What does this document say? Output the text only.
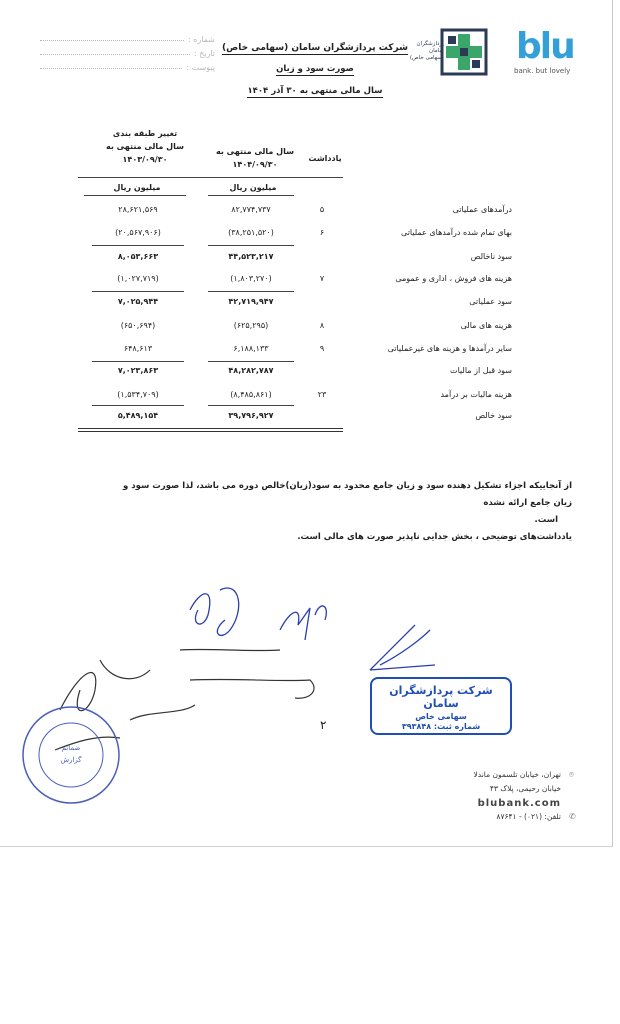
شماره :
تاریخ :
پیوست :
شرکت پردازشگران سامان (سهامی خاص)
صورت سود و زیان
سال مالی منتهی به ۳۰ آذر ۱۴۰۴
پردازشگران سامان
(سهامی خاص) blu
bank. but lovely
تغییر طبقه بندی
سال مالی منتهی به
۱۴۰۳/۰۹/۳۰
سال مالی منتهی به
۱۴۰۴/۰۹/۳۰
یادداشت
میلیون ریال
میلیون ریال
درآمدهای عملیاتی
۵
۸۲,۷۷۴,۷۳۷
۲۸,۶۲۱,۵۶۹
بهای تمام شده درآمدهای عملیاتی
۶
(۳۸,۲۵۱,۵۲۰)
(۲۰,۵۶۷,۹۰۶)
سود ناخالص
۴۴,۵۲۳,۲۱۷
۸,۰۵۳,۶۶۳
هزینه های فروش ، اداری و عمومی
۷
(۱,۸۰۳,۲۷۰)
(۱,۰۲۷,۷۱۹)
سود عملیاتی
۴۲,۷۱۹,۹۴۷
۷,۰۲۵,۹۴۴
هزینه های مالی
۸
(۶۲۵,۲۹۵)
(۶۵۰,۶۹۴)
سایر درآمدها و هزینه های غیرعملیاتی
۹
۶,۱۸۸,۱۳۳
۶۴۸,۶۱۳
سود قبل از مالیات
۴۸,۲۸۲,۷۸۷
۷,۰۲۳,۸۶۳
هزینه مالیات بر درآمد
۲۳
(۸,۴۸۵,۸۶۱)
(۱,۵۳۴,۷۰۹)
سود خالص
۳۹,۷۹۶,۹۲۷
۵,۴۸۹,۱۵۴

از آنجاییکه اجزاء تشکیل دهنده سود و زیان جامع محدود به سود(زیان)خالص دوره می باشد، لذا صورت سود و زیان جامع ارائه نشده

است.

یادداشت‌های توضیحی ، بخش جدایی ناپذیر صورت های مالی است.

ضمائم
گزارش
شرکت پردازشگران سامان
سهامی خاص
شماره ثبت: ۳۹۳۸۴۸
۲
⌾
تهران، خیابان تلسمون ماندلا
خیابان رحیمی، پلاک ۴۳
blubank.com
✆
تلفن: (۰۲۱) - ۸۷۶۴۱
